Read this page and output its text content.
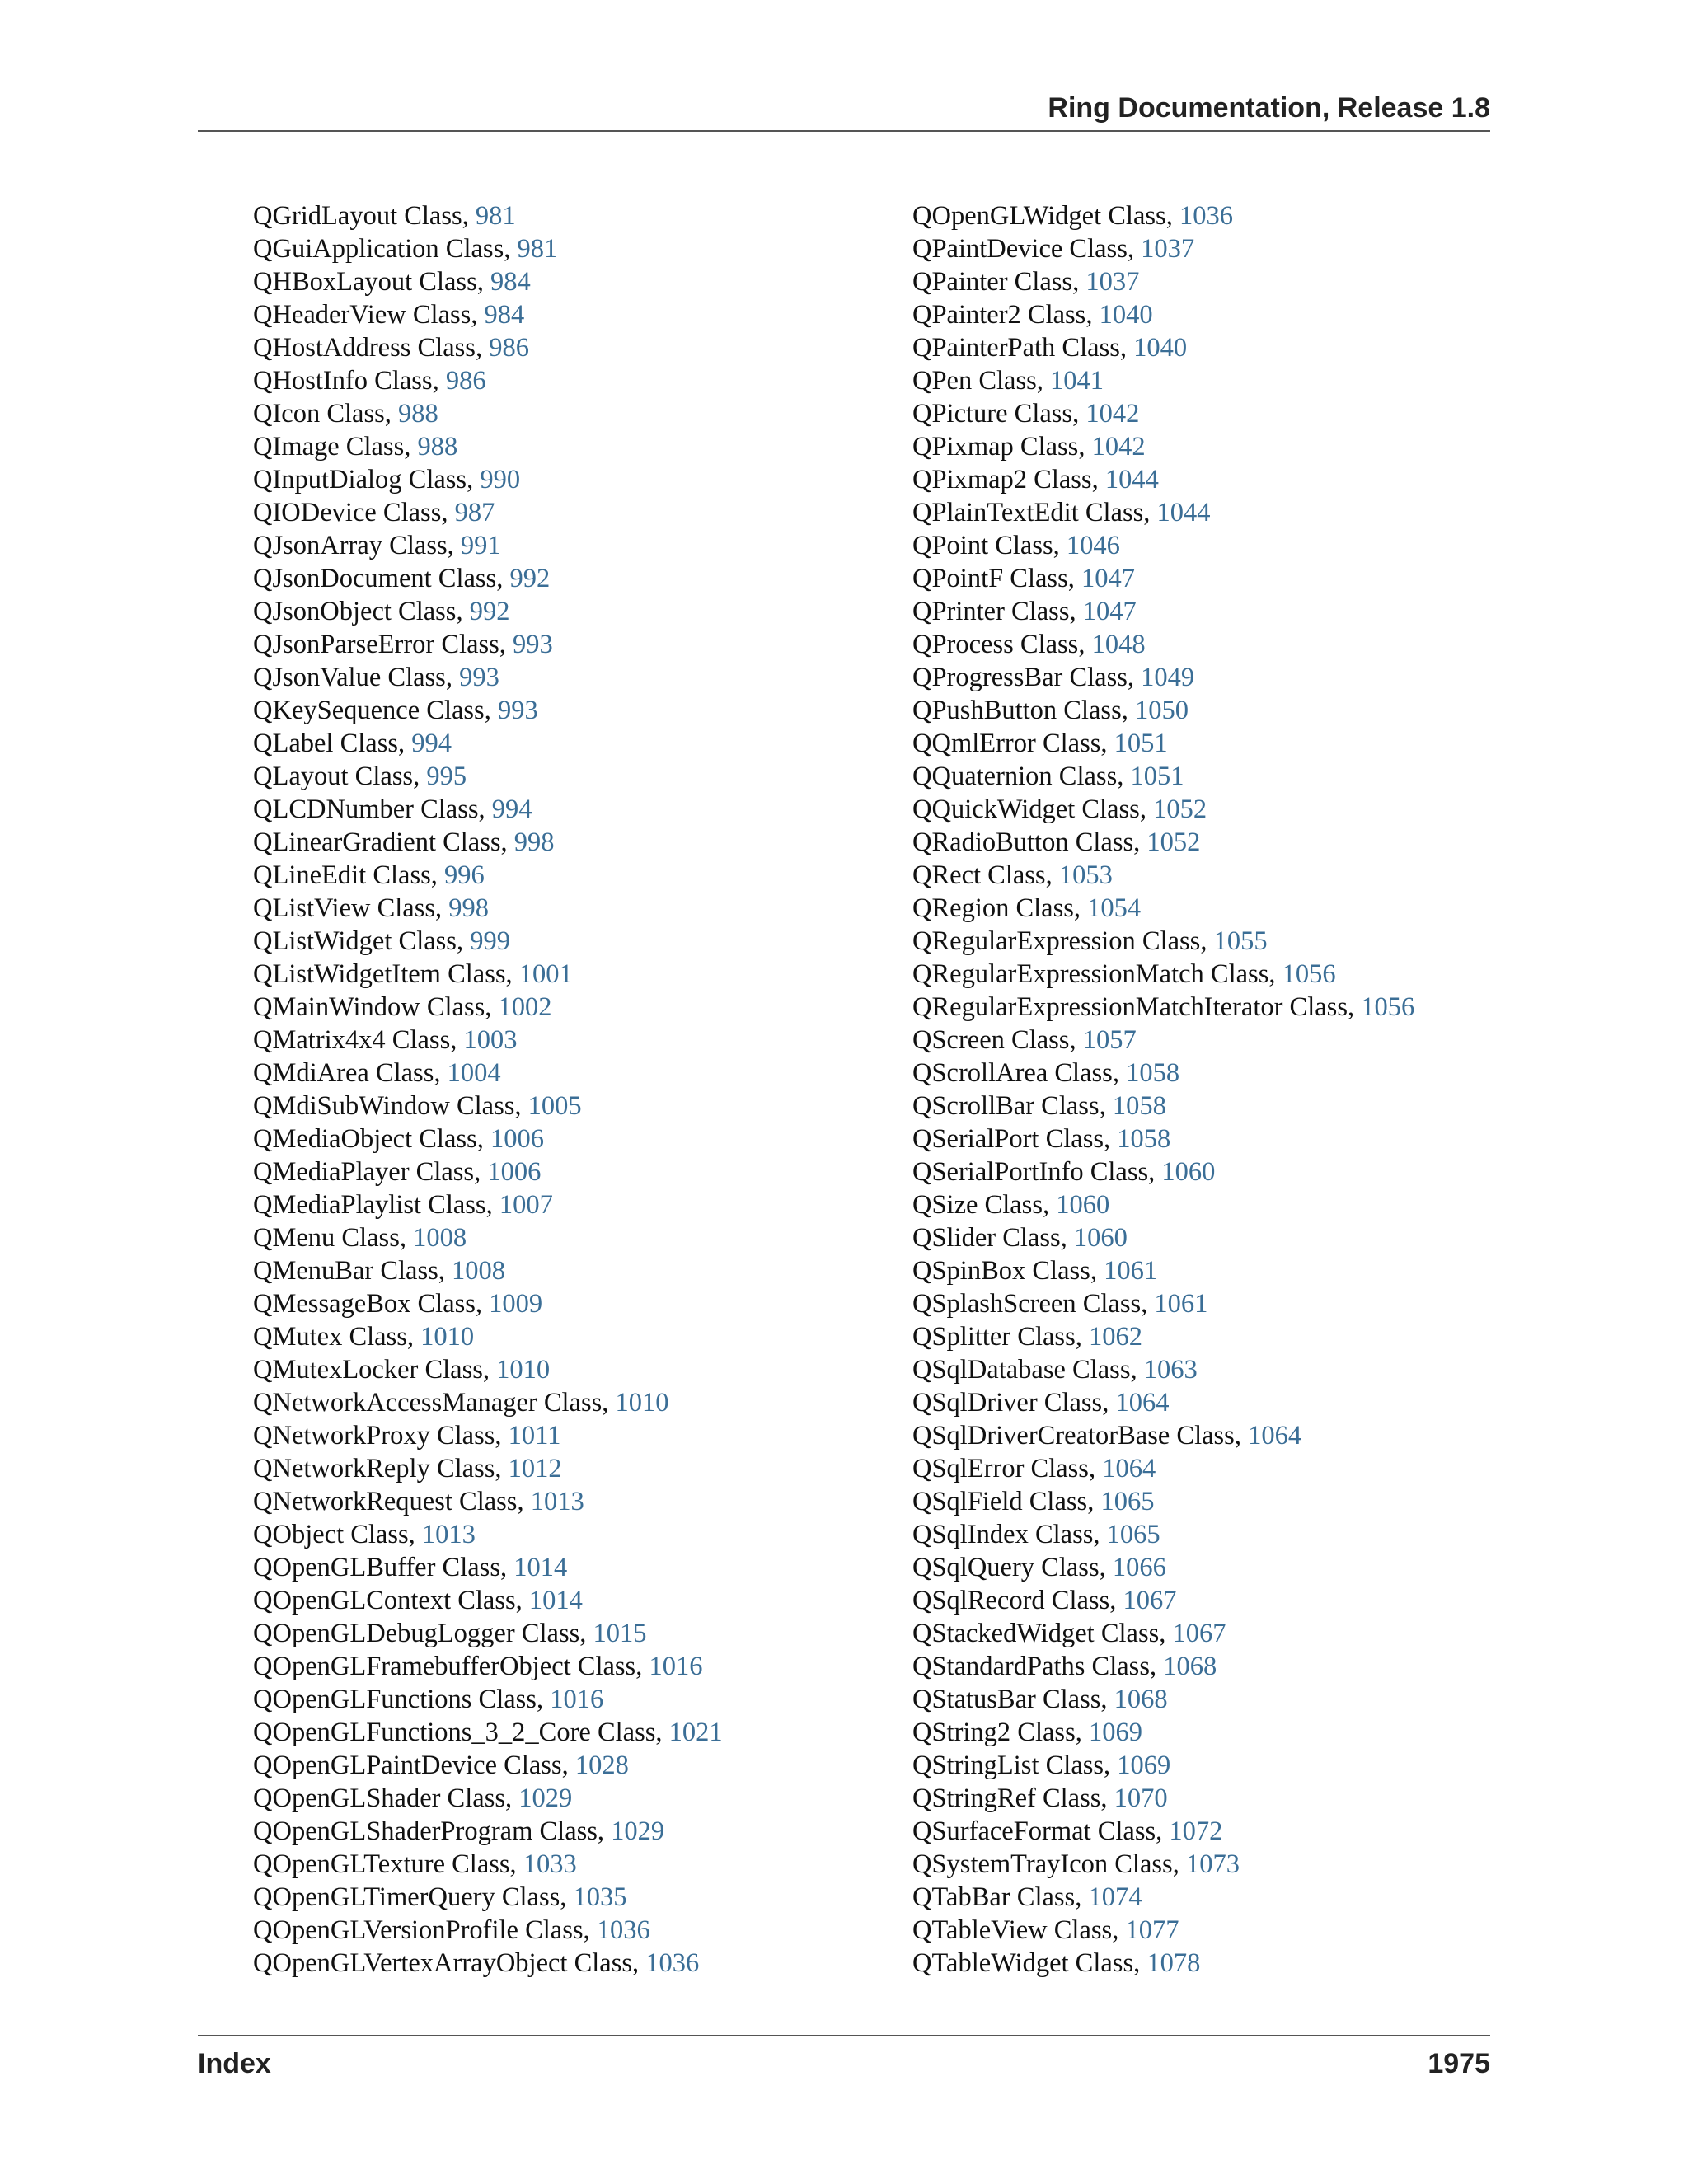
Ring Documentation, Release 1.8
QGridLayout Class, 981
QGuiApplication Class, 981
QHBoxLayout Class, 984
QHeaderView Class, 984
QHostAddress Class, 986
QHostInfo Class, 986
QIcon Class, 988
QImage Class, 988
QInputDialog Class, 990
QIODevice Class, 987
QJsonArray Class, 991
QJsonDocument Class, 992
QJsonObject Class, 992
QJsonParseError Class, 993
QJsonValue Class, 993
QKeySequence Class, 993
QLabel Class, 994
QLayout Class, 995
QLCDNumber Class, 994
QLinearGradient Class, 998
QLineEdit Class, 996
QListView Class, 998
QListWidget Class, 999
QListWidgetItem Class, 1001
QMainWindow Class, 1002
QMatrix4x4 Class, 1003
QMdiArea Class, 1004
QMdiSubWindow Class, 1005
QMediaObject Class, 1006
QMediaPlayer Class, 1006
QMediaPlaylist Class, 1007
QMenu Class, 1008
QMenuBar Class, 1008
QMessageBox Class, 1009
QMutex Class, 1010
QMutexLocker Class, 1010
QNetworkAccessManager Class, 1010
QNetworkProxy Class, 1011
QNetworkReply Class, 1012
QNetworkRequest Class, 1013
QObject Class, 1013
QOpenGLBuffer Class, 1014
QOpenGLContext Class, 1014
QOpenGLDebugLogger Class, 1015
QOpenGLFramebufferObject Class, 1016
QOpenGLFunctions Class, 1016
QOpenGLFunctions_3_2_Core Class, 1021
QOpenGLPaintDevice Class, 1028
QOpenGLShader Class, 1029
QOpenGLShaderProgram Class, 1029
QOpenGLTexture Class, 1033
QOpenGLTimerQuery Class, 1035
QOpenGLVersionProfile Class, 1036
QOpenGLVertexArrayObject Class, 1036
QOpenGLWidget Class, 1036
QPaintDevice Class, 1037
QPainter Class, 1037
QPainter2 Class, 1040
QPainterPath Class, 1040
QPen Class, 1041
QPicture Class, 1042
QPixmap Class, 1042
QPixmap2 Class, 1044
QPlainTextEdit Class, 1044
QPoint Class, 1046
QPointF Class, 1047
QPrinter Class, 1047
QProcess Class, 1048
QProgressBar Class, 1049
QPushButton Class, 1050
QQmlError Class, 1051
QQuaternion Class, 1051
QQuickWidget Class, 1052
QRadioButton Class, 1052
QRect Class, 1053
QRegion Class, 1054
QRegularExpression Class, 1055
QRegularExpressionMatch Class, 1056
QRegularExpressionMatchIterator Class, 1056
QScreen Class, 1057
QScrollArea Class, 1058
QScrollBar Class, 1058
QSerialPort Class, 1058
QSerialPortInfo Class, 1060
QSize Class, 1060
QSlider Class, 1060
QSpinBox Class, 1061
QSplashScreen Class, 1061
QSplitter Class, 1062
QSqlDatabase Class, 1063
QSqlDriver Class, 1064
QSqlDriverCreatorBase Class, 1064
QSqlError Class, 1064
QSqlField Class, 1065
QSqlIndex Class, 1065
QSqlQuery Class, 1066
QSqlRecord Class, 1067
QStackedWidget Class, 1067
QStandardPaths Class, 1068
QStatusBar Class, 1068
QString2 Class, 1069
QStringList Class, 1069
QStringRef Class, 1070
QSurfaceFormat Class, 1072
QSystemTrayIcon Class, 1073
QTabBar Class, 1074
QTableView Class, 1077
QTableWidget Class, 1078
Index	1975
